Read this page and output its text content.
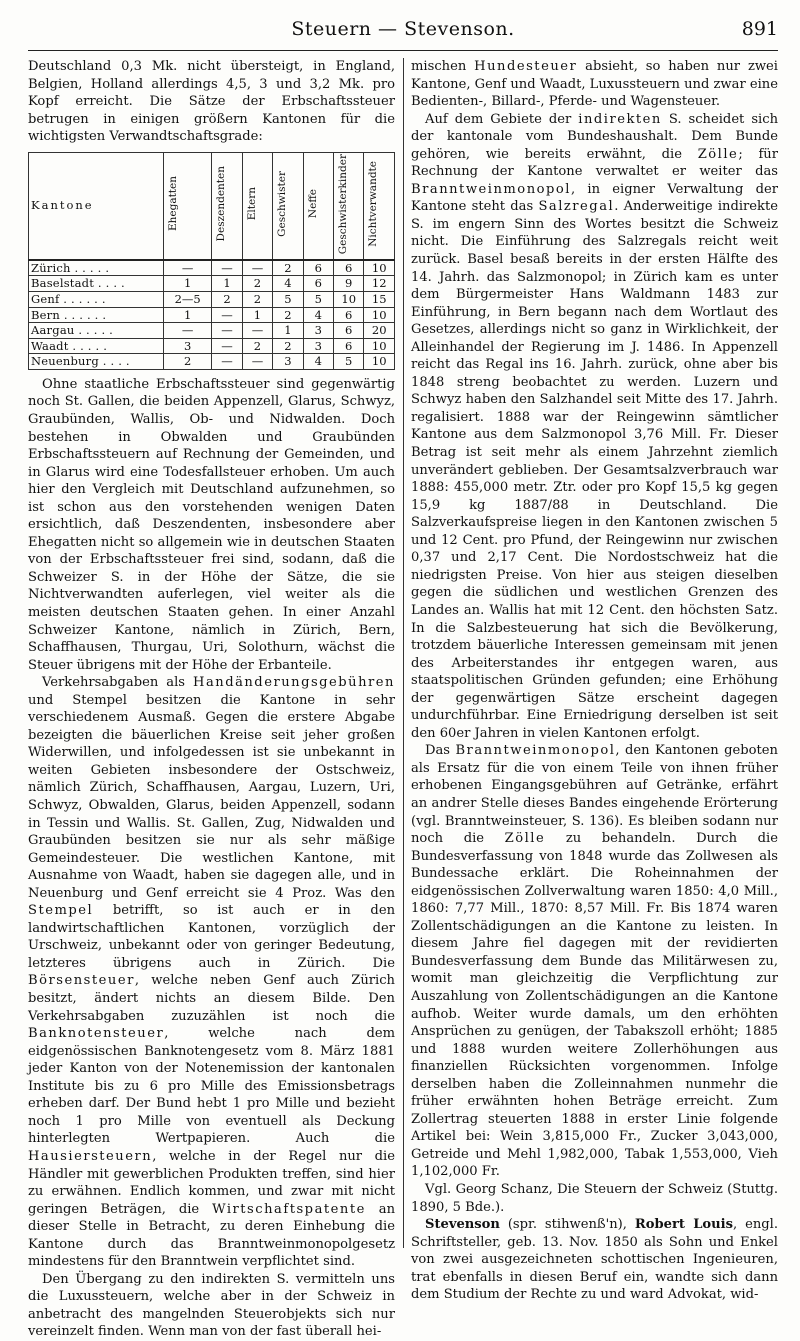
Steuern — Stevenson.	891

Deutschland 0,3 Mk. nicht übersteigt, in England, Belgien, Holland allerdings 4,5, 3 und 3,2 Mk. pro Kopf erreicht. Die Sätze der Erbschaftssteuer betrugen in einigen größern Kantonen für die wichtigsten Verwandtschaftsgrade:

Kantone	Ehegatten	Deszendenten	Eltern	Geschwister	Neffe	Geschwisterkinder	Nichtverwandte
Zürich . . . . .	—	—	—	2	6	6	10
Baselstadt . . . .	1	1	2	4	6	9	12
Genf . . . . . .	2—5	2	2	5	5	10	15
Bern . . . . . .	1	—	1	2	4	6	10
Aargau . . . . .	—	—	—	1	3	6	20
Waadt . . . . .	3	—	2	2	3	6	10
Neuenburg . . . .	2	—	—	3	4	5	10

Ohne staatliche Erbschaftssteuer sind gegenwärtig noch St. Gallen, die beiden Appenzell, Glarus, Schwyz, Graubünden, Wallis, Ob- und Nidwalden. Doch bestehen in Obwalden und Graubünden Erbschaftssteuern auf Rechnung der Gemeinden, und in Glarus wird eine Todesfallsteuer erhoben. Um auch hier den Vergleich mit Deutschland aufzunehmen, so ist schon aus den vorstehenden wenigen Daten ersichtlich, daß Deszendenten, insbesondere aber Ehegatten nicht so allgemein wie in deutschen Staaten von der Erbschaftssteuer frei sind, sodann, daß die Schweizer S. in der Höhe der Sätze, die sie Nichtverwandten auferlegen, viel weiter als die meisten deutschen Staaten gehen. In einer Anzahl Schweizer Kantone, nämlich in Zürich, Bern, Schaffhausen, Thurgau, Uri, Solothurn, wächst die Steuer übrigens mit der Höhe der Erbanteile.

Verkehrsabgaben als Handänderungsgebühren und Stempel besitzen die Kantone in sehr verschiedenem Ausmaß. Gegen die erstere Abgabe bezeigten die bäuerlichen Kreise seit jeher großen Widerwillen, und infolgedessen ist sie unbekannt in weiten Gebieten insbesondere der Ostschweiz, nämlich Zürich, Schaffhausen, Aargau, Luzern, Uri, Schwyz, Obwalden, Glarus, beiden Appenzell, sodann in Tessin und Wallis. St. Gallen, Zug, Nidwalden und Graubünden besitzen sie nur als sehr mäßige Gemeindesteuer. Die westlichen Kantone, mit Ausnahme von Waadt, haben sie dagegen alle, und in Neuenburg und Genf erreicht sie 4 Proz. Was den Stempel betrifft, so ist auch er in den landwirtschaftlichen Kantonen, vorzüglich der Urschweiz, unbekannt oder von geringer Bedeutung, letzteres übrigens auch in Zürich. Die Börsensteuer, welche neben Genf auch Zürich besitzt, ändert nichts an diesem Bilde. Den Verkehrsabgaben zuzuzählen ist noch die Banknotensteuer, welche nach dem eidgenössischen Banknotengesetz vom 8. März 1881 jeder Kanton von der Notenemission der kantonalen Institute bis zu 6 pro Mille des Emissionsbetrags erheben darf. Der Bund hebt 1 pro Mille und bezieht noch 1 pro Mille von eventuell als Deckung hinterlegten Wertpapieren. Auch die Hausiersteuern, welche in der Regel nur die Händler mit gewerblichen Produkten treffen, sind hier zu erwähnen. Endlich kommen, und zwar mit nicht geringen Beträgen, die Wirtschaftspatente an dieser Stelle in Betracht, zu deren Einhebung die Kantone durch das Branntweinmonopolgesetz mindestens für den Branntwein verpflichtet sind.

Den Übergang zu den indirekten S. vermitteln uns die Luxussteuern, welche aber in der Schweiz in anbetracht des mangelnden Steuerobjekts sich nur vereinzelt finden. Wenn man von der fast überall hei-

mischen Hundesteuer absieht, so haben nur zwei Kantone, Genf und Waadt, Luxussteuern und zwar eine Bedienten-, Billard-, Pferde- und Wagensteuer.

Auf dem Gebiete der indirekten S. scheidet sich der kantonale vom Bundeshaushalt. Dem Bunde gehören, wie bereits erwähnt, die Zölle; für Rechnung der Kantone verwaltet er weiter das Branntweinmonopol, in eigner Verwaltung der Kantone steht das Salzregal. Anderweitige indirekte S. im engern Sinn des Wortes besitzt die Schweiz nicht. Die Einführung des Salzregals reicht weit zurück. Basel besaß bereits in der ersten Hälfte des 14. Jahrh. das Salzmonopol; in Zürich kam es unter dem Bürgermeister Hans Waldmann 1483 zur Einführung, in Bern begann nach dem Wortlaut des Gesetzes, allerdings nicht so ganz in Wirklichkeit, der Alleinhandel der Regierung im J. 1486. In Appenzell reicht das Regal ins 16. Jahrh. zurück, ohne aber bis 1848 streng beobachtet zu werden. Luzern und Schwyz haben den Salzhandel seit Mitte des 17. Jahrh. regalisiert. 1888 war der Reingewinn sämtlicher Kantone aus dem Salzmonopol 3,76 Mill. Fr. Dieser Betrag ist seit mehr als einem Jahrzehnt ziemlich unverändert geblieben. Der Gesamtsalzverbrauch war 1888: 455,000 metr. Ztr. oder pro Kopf 15,5 kg gegen 15,9 kg 1887/88 in Deutschland. Die Salzverkaufspreise liegen in den Kantonen zwischen 5 und 12 Cent. pro Pfund, der Reingewinn nur zwischen 0,37 und 2,17 Cent. Die Nordostschweiz hat die niedrigsten Preise. Von hier aus steigen dieselben gegen die südlichen und westlichen Grenzen des Landes an. Wallis hat mit 12 Cent. den höchsten Satz. In die Salzbesteuerung hat sich die Bevölkerung, trotzdem bäuerliche Interessen gemeinsam mit jenen des Arbeiterstandes ihr entgegen waren, aus staatspolitischen Gründen gefunden; eine Erhöhung der gegenwärtigen Sätze erscheint dagegen undurchführbar. Eine Erniedrigung derselben ist seit den 60er Jahren in vielen Kantonen erfolgt.

Das Branntweinmonopol, den Kantonen geboten als Ersatz für die von einem Teile von ihnen früher erhobenen Eingangsgebühren auf Getränke, erfährt an andrer Stelle dieses Bandes eingehende Erörterung (vgl. Branntweinsteuer, S. 136). Es bleiben sodann nur noch die Zölle zu behandeln. Durch die Bundesverfassung von 1848 wurde das Zollwesen als Bundessache erklärt. Die Roheinnahmen der eidgenössischen Zollverwaltung waren 1850: 4,0 Mill., 1860: 7,77 Mill., 1870: 8,57 Mill. Fr. Bis 1874 waren Zollentschädigungen an die Kantone zu leisten. In diesem Jahre fiel dagegen mit der revidierten Bundesverfassung dem Bunde das Militärwesen zu, womit man gleichzeitig die Verpflichtung zur Auszahlung von Zollentschädigungen an die Kantone aufhob. Weiter wurde damals, um den erhöhten Ansprüchen zu genügen, der Tabakszoll erhöht; 1885 und 1888 wurden weitere Zollerhöhungen aus finanziellen Rücksichten vorgenommen. Infolge derselben haben die Zolleinnahmen nunmehr die früher erwähnten hohen Beträge erreicht. Zum Zollertrag steuerten 1888 in erster Linie folgende Artikel bei: Wein 3,815,000 Fr., Zucker 3,043,000, Getreide und Mehl 1,982,000, Tabak 1,553,000, Vieh 1,102,000 Fr.

Vgl. Georg Schanz, Die Steuern der Schweiz (Stuttg. 1890, 5 Bde.).

Stevenson (spr. stihwenß'n), Robert Louis, engl. Schriftsteller, geb. 13. Nov. 1850 als Sohn und Enkel von zwei ausgezeichneten schottischen Ingenieuren, trat ebenfalls in diesen Beruf ein, wandte sich dann dem Studium der Rechte zu und ward Advokat, wid-
